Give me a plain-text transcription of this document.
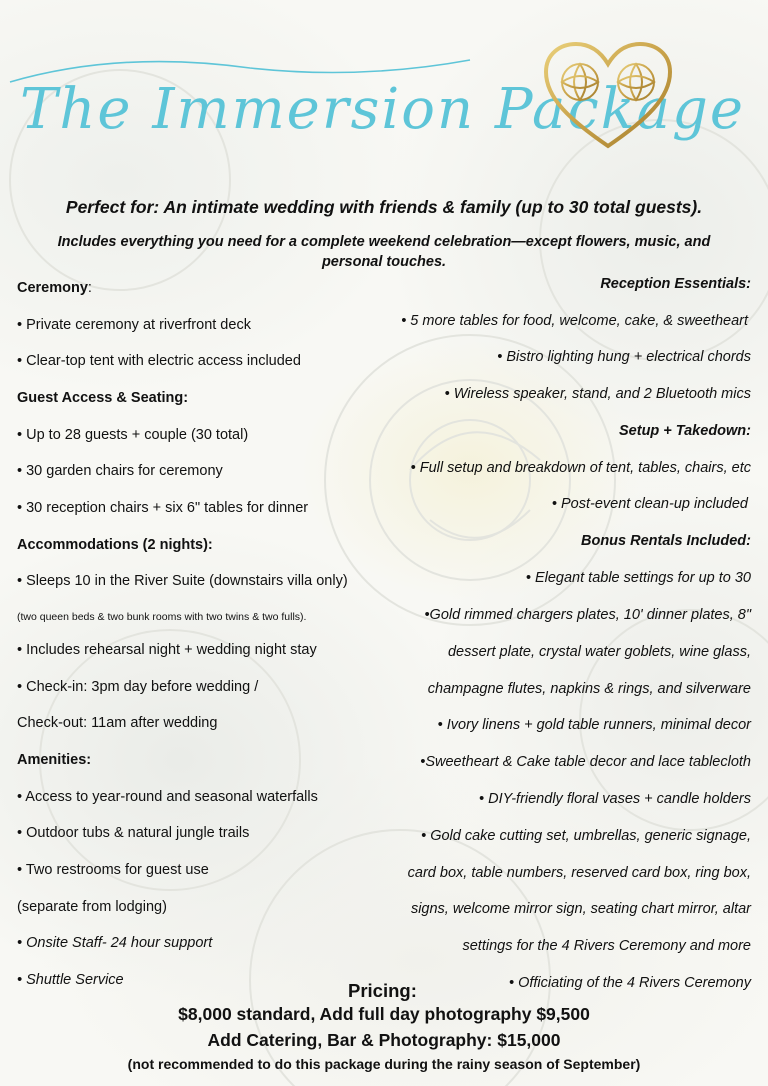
The Immersion Package
Perfect for: An intimate wedding with friends & family (up to 30 total guests).
Includes everything you need for a complete weekend celebration—except flowers, music, and
personal touches.
Ceremony:
• Private ceremony at riverfront deck
• Clear-top tent with electric access included
Guest Access & Seating:
• Up to 28 guests + couple (30 total)
• 30 garden chairs for ceremony
• 30 reception chairs + six 6" tables for dinner
Accommodations (2 nights):
• Sleeps 10 in the River Suite (downstairs villa only)
(two queen beds & two bunk rooms with two twins & two fulls).
• Includes rehearsal night + wedding night stay
• Check-in: 3pm day before wedding /
Check-out: 11am after wedding
Amenities:
• Access to year-round and seasonal waterfalls
• Outdoor tubs & natural jungle trails
• Two restrooms for guest use
(separate from lodging)
• Onsite Staff- 24 hour support
• Shuttle Service
Reception Essentials:
• 5 more tables for food, welcome, cake, & sweetheart
• Bistro lighting hung + electrical chords
• Wireless speaker, stand, and 2 Bluetooth mics
Setup + Takedown:
• Full setup and breakdown of tent, tables, chairs, etc
• Post-event clean-up included
Bonus Rentals Included:
• Elegant table settings for up to 30
•Gold rimmed chargers plates, 10' dinner plates, 8"
dessert plate, crystal water goblets, wine glass,
champagne flutes, napkins & rings, and silverware
• Ivory linens + gold table runners, minimal decor
•Sweetheart & Cake table decor and lace tablecloth
• DIY-friendly floral vases + candle holders
• Gold cake cutting set, umbrellas, generic signage,
card box, table numbers, reserved card box, ring box,
signs, welcome mirror sign, seating chart mirror, altar
settings for the 4 Rivers Ceremony and more
• Officiating of the 4 Rivers Ceremony
Pricing:
$8,000 standard, Add full day photography $9,500
Add Catering, Bar & Photography: $15,000
(not recommended to do this package during the rainy season of September)
